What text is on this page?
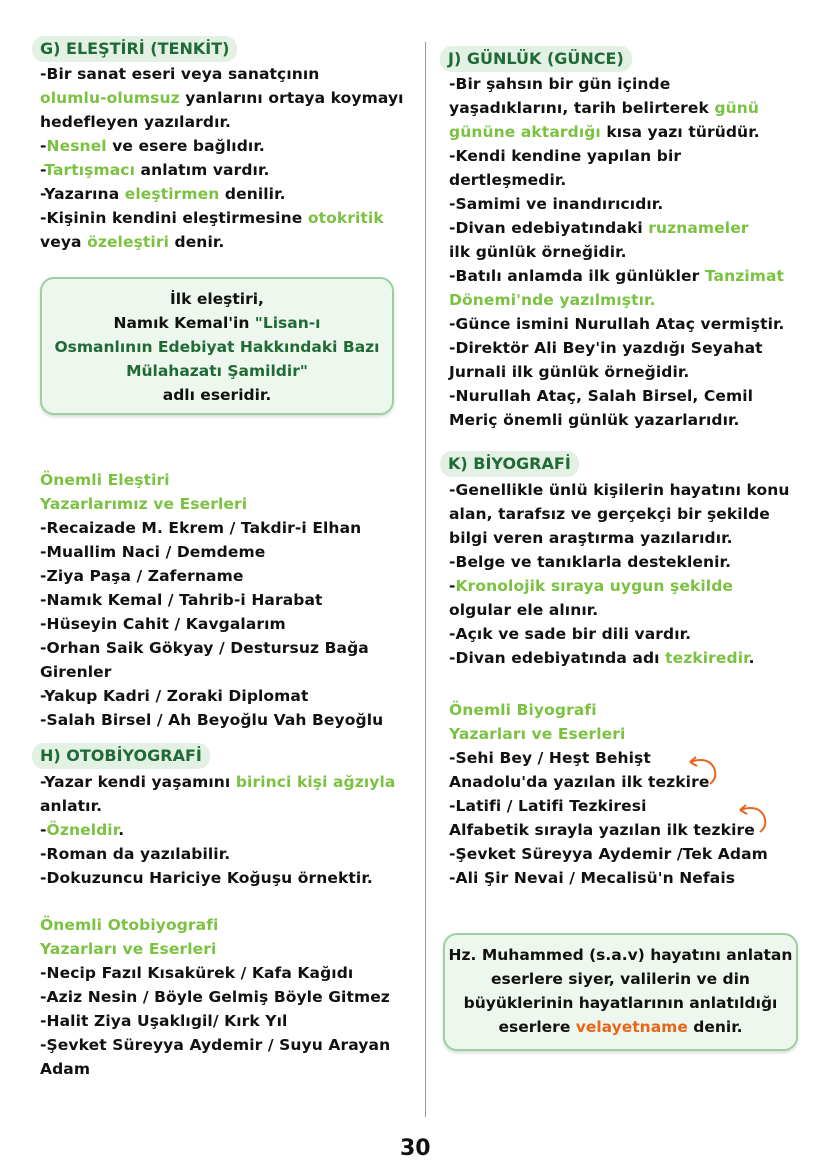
G) ELEŞTİRİ (TENKİT)
-Bir sanat eseri veya sanatçının
olumlu-olumsuz yanlarını ortaya koymayı
hedefleyen yazılardır.
-Nesnel ve esere bağlıdır.
-Tartışmacı anlatım vardır.
-Yazarına eleştirmen denilir.
-Kişinin kendini eleştirmesine otokritik
veya özeleştiri denir.
İlk eleştiri,
Namık Kemal'in "Lisan-ı
Osmanlının Edebiyat Hakkındaki Bazı
Mülahazatı Şamildir"
adlı eseridir.
Önemli Eleştiri
Yazarlarımız ve Eserleri
-Recaizade M. Ekrem / Takdir-i Elhan
-Muallim Naci / Demdeme
-Ziya Paşa / Zafername
-Namık Kemal / Tahrib-i Harabat
-Hüseyin Cahit / Kavgalarım
-Orhan Saik Gökyay / Destursuz Bağa
Girenler
-Yakup Kadri / Zoraki Diplomat
-Salah Birsel / Ah Beyoğlu Vah Beyoğlu
H) OTOBİYOGRAFİ
-Yazar kendi yaşamını birinci kişi ağzıyla
anlatır.
-Özneldir.
-Roman da yazılabilir.
-Dokuzuncu Hariciye Koğuşu örnektir.
Önemli Otobiyografi
Yazarları ve Eserleri
-Necip Fazıl Kısakürek / Kafa Kağıdı
-Aziz Nesin / Böyle Gelmiş Böyle Gitmez
-Halit Ziya Uşaklıgil/ Kırk Yıl
-Şevket Süreyya Aydemir / Suyu Arayan
Adam
J) GÜNLÜK (GÜNCE)
-Bir şahsın bir gün içinde
yaşadıklarını, tarih belirterek günü
gününe aktardığı kısa yazı türüdür.
-Kendi kendine yapılan bir
dertleşmedir.
-Samimi ve inandırıcıdır.
-Divan edebiyatındaki ruznameler
ilk günlük örneğidir.
-Batılı anlamda ilk günlükler Tanzimat
Dönemi'nde yazılmıştır.
-Günce ismini Nurullah Ataç vermiştir.
-Direktör Ali Bey'in yazdığı Seyahat
Jurnali ilk günlük örneğidir.
-Nurullah Ataç, Salah Birsel, Cemil
Meriç önemli günlük yazarlarıdır.
K) BİYOGRAFİ
-Genellikle ünlü kişilerin hayatını konu
alan, tarafsız ve gerçekçi bir şekilde
bilgi veren araştırma yazılarıdır.
-Belge ve tanıklarla desteklenir.
-Kronolojik sıraya uygun şekilde
olgular ele alınır.
-Açık ve sade bir dili vardır.
-Divan edebiyatında adı tezkiredir.
Önemli Biyografi
Yazarları ve Eserleri
-Sehi Bey / Heşt Behişt
Anadolu'da yazılan ilk tezkire
-Latifi / Latifi Tezkiresi
Alfabetik sırayla yazılan ilk tezkire
-Şevket Süreyya Aydemir /Tek Adam
-Ali Şir Nevai / Mecalisü'n Nefais
Hz. Muhammed (s.a.v) hayatını anlatan
eserlere siyer, valilerin ve din
büyüklerinin hayatlarının anlatıldığı
eserlere velayetname denir.
30
